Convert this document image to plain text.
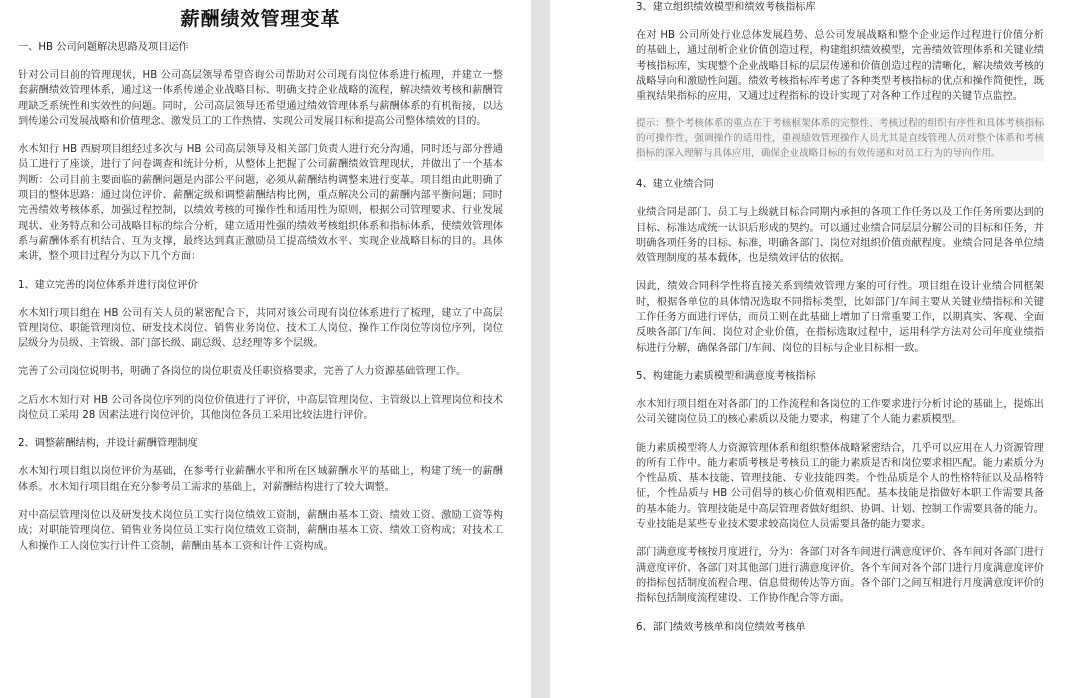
薪酬绩效管理变革
一、HB 公司问题解决思路及项目运作
针对公司目前的管理现状，HB 公司高层领导希望咨询公司帮助对公司现有岗位体系进行梳理，并建立一整套薪酬绩效管理体系，通过这一体系传递企业战略目标、明确支持企业战略的流程，解决绩效考核和薪酬管理缺乏系统性和实效性的问题。同时，公司高层领导还希望通过绩效管理体系与薪酬体系的有机衔接，以达到传递公司发展战略和价值理念、激发员工的工作热情、实现公司发展目标和提高公司整体绩效的目的。
水木知行 HB 西厨项目组经过多次与 HB 公司高层领导及相关部门负责人进行充分沟通，同时还与部分普通员工进行了座谈，进行了问卷调查和统计分析，从整体上把握了公司薪酬绩效管理现状，并做出了一个基本判断：公司目前主要面临的薪酬问题是内部公平问题，必须从薪酬结构调整来进行变革。项目组由此明确了项目的整体思路：通过岗位评价、薪酬定级和调整薪酬结构比例，重点解决公司的薪酬内部平衡问题；同时完善绩效考核体系，加强过程控制，以绩效考核的可操作性和适用性为原则，根据公司管理要求、行业发展现状、业务特点和公司战略目标的综合分析，建立适用性强的绩效考核组织体系和指标体系，使绩效管理体系与薪酬体系有机结合、互为支撑，最终达到真正激励员工提高绩效水平、实现企业战略目标的目的。具体来讲，整个项目过程分为以下几个方面：
1、建立完善的岗位体系并进行岗位评价
水木知行项目组在 HB 公司有关人员的紧密配合下，共同对该公司现有岗位体系进行了梳理，建立了中高层管理岗位、职能管理岗位、研发技术岗位、销售业务岗位、技术工人岗位、操作工作岗位等岗位序列，岗位层级分为员级、主管级、部门部长级、副总级、总经理等多个层级。
完善了公司岗位说明书，明确了各岗位的岗位职责及任职资格要求，完善了人力资源基础管理工作。
之后水木知行对 HB 公司各岗位序列的岗位价值进行了评价，中高层管理岗位、主管级以上管理岗位和技术岗位员工采用 28 因素法进行岗位评价，其他岗位各员工采用比较法进行评价。
2、调整薪酬结构，并设计薪酬管理制度
水木知行项目组以岗位评价为基础，在参考行业薪酬水平和所在区域薪酬水平的基础上，构建了统一的薪酬体系。水木知行项目组在充分参考员工需求的基础上，对薪酬结构进行了较大调整。
对中高层管理岗位以及研发技术岗位员工实行岗位绩效工资制，薪酬由基本工资、绩效工资、激励工资等构成；对职能管理岗位、销售业务岗位员工实行岗位绩效工资制，薪酬由基本工资、绩效工资构成；对技术工人和操作工人岗位实行计件工资制，薪酬由基本工资和计件工资构成。
3、建立组织绩效模型和绩效考核指标库
在对 HB 公司所处行业总体发展趋势、总公司发展战略和整个企业运作过程进行价值分析的基础上，通过剖析企业价值创造过程，构建组织绩效模型，完善绩效管理体系和关键业绩考核指标库，实现整个企业战略目标的层层传递和价值创造过程的清晰化，解决绩效考核的战略导向和激励性问题。绩效考核指标库考虑了各种类型考核指标的优点和操作简便性，既重视结果指标的应用，又通过过程指标的设计实现了对各种工作过程的关键节点监控。
提示：整个考核体系的重点在于考核框架体系的完整性、考核过程的组织有序性和具体考核指标的可操作性，强调操作的适用性，重视绩效管理操作人员尤其是直线管理人员对整个体系和考核指标的深入理解与具体应用，确保企业战略目标的有效传递和对员工行为的导向作用。
4、建立业绩合同
业绩合同是部门、员工与上级就目标合同期内承担的各项工作任务以及工作任务所要达到的目标、标准达成统一认识后形成的契约。可以通过业绩合同层层分解公司的目标和任务，并明确各项任务的目标、标准，明确各部门、岗位对组织价值贡献程度。业绩合同是各单位绩效管理制度的基本载体，也是绩效评估的依据。
因此，绩效合同科学性将直接关系到绩效管理方案的可行性。项目组在设计业绩合同框架时，根据各单位的具体情况选取不同指标类型，比如部门/车间主要从关键业绩指标和关键工作任务方面进行评估，而员工则在此基础上增加了日常重要工作，以期真实、客观、全面反映各部门/车间、岗位对企业价值，在指标选取过程中，运用科学方法对公司年度业绩指标进行分解，确保各部门/车间、岗位的目标与企业目标相一致。
5、构建能力素质模型和满意度考核指标
水木知行项目组在对各部门的工作流程和各岗位的工作要求进行分析讨论的基础上，提炼出公司关键岗位员工的核心素质以及能力要求，构建了个人能力素质模型。
能力素质模型将人力资源管理体系和组织整体战略紧密结合，几乎可以应用在人力资源管理的所有工作中。能力素质考核是考核员工的能力素质是否和岗位要求相匹配。能力素质分为个性品质、基本技能、管理技能、专业技能四类。个性品质是个人的性格特征以及品格特征，个性品质与 HB 公司倡导的核心价值观相匹配。基本技能是指做好本职工作需要具备的基本能力。管理技能是中高层管理者做好组织、协调、计划、控制工作需要具备的能力。专业技能是某些专业技术要求较高岗位人员需要具备的能力要求。
部门满意度考核按月度进行，分为：各部门对各车间进行满意度评价、各车间对各部门进行满意度评价、各部门对其他部门进行满意度评价。各个车间对各个部门进行月度满意度评价的指标包括制度流程合理、信息贯彻传达等方面。各个部门之间互相进行月度满意度评价的指标包括制度流程建设、工作协作配合等方面。
6、部门绩效考核单和岗位绩效考核单
